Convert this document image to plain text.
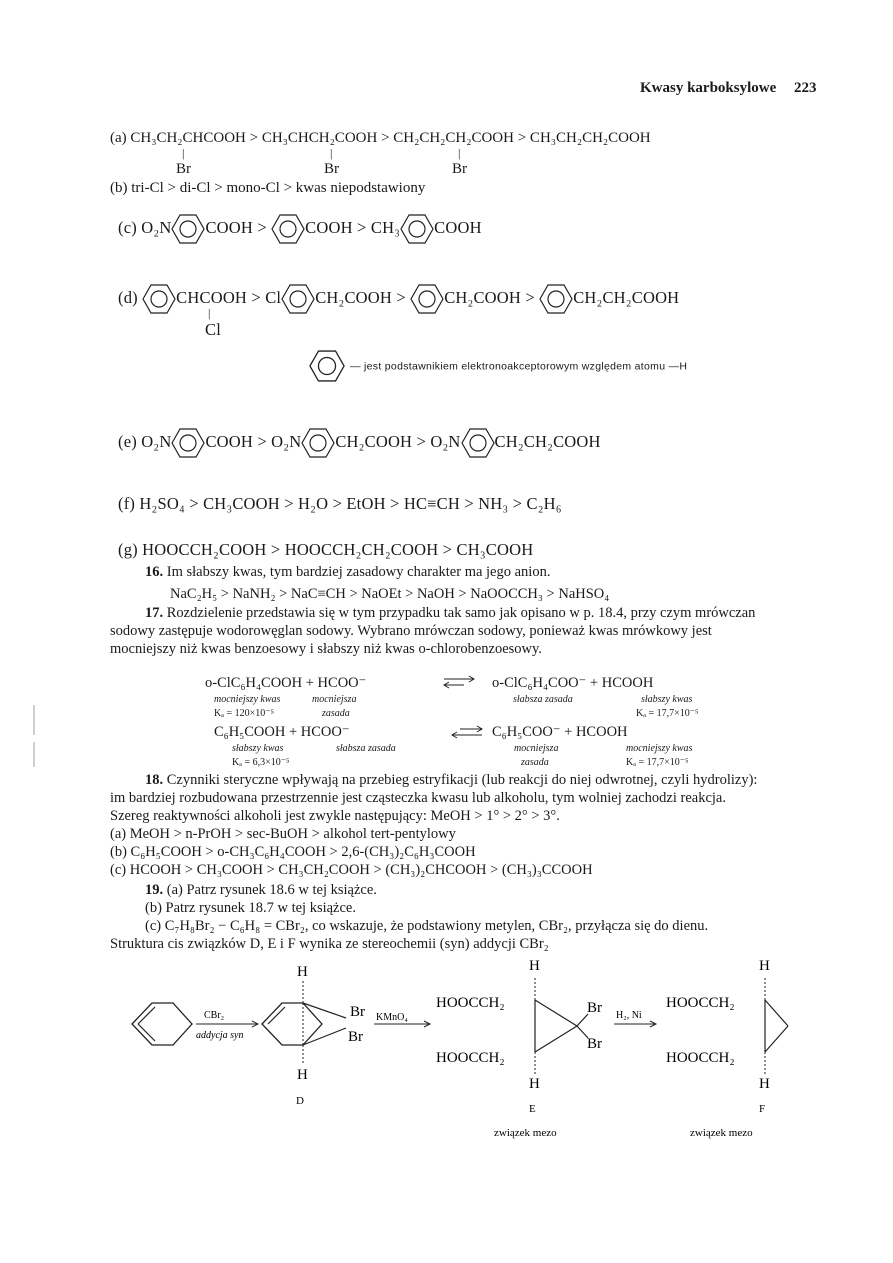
Kwasy karboksylowe 223
(a) CH₃CH₂CHCOOH > CH₃CHCH₂COOH > CH₂CH₂CH₂COOH > CH₃CH₂CH₂COOH
|	|	|
Br	Br	Br
(b) tri-Cl > di-Cl > mono-Cl > kwas niepodstawiony
(c) O₂N COOH > COOH > CH₃ COOH
(d) CHCOOH > Cl CH₂COOH > CH₂COOH > CH₂CH₂COOH
|
Cl
— jest podstawnikiem elektronoakceptorowym względem atomu —H
(e) O₂N COOH > O₂N CH₂COOH > O₂N CH₂CH₂COOH
(f) H₂SO₄ > CH₃COOH > H₂O > EtOH > HC≡CH > NH₃ > C₂H₆
(g) HOOCCH₂COOH > HOOCCH₂CH₂COOH > CH₃COOH
16. Im słabszy kwas, tym bardziej zasadowy charakter ma jego anion.
NaC₂H₅ > NaNH₂ > NaC≡CH > NaOEt > NaOH > NaOOCCH₃ > NaHSO₄
17. Rozdzielenie przedstawia się w tym przypadku tak samo jak opisano w p. 18.4, przy czym mrówczan
sodowy zastępuje wodorowęglan sodowy. Wybrano mrówczan sodowy, ponieważ kwas mrówkowy jest
mocniejszy niż kwas benzoesowy i słabszy niż kwas o-chlorobenzoesowy.
o-ClC₆H₄COOH + HCOO⁻	⇌ o-ClC₆H₄COO⁻ + HCOOH
mocniejszy kwas	mocniejsza	słabsza zasada	słabszy kwas
Kₐ = 120×10⁻⁵	zasada	Kₐ = 17,7×10⁻⁵
C₆H₅COOH + HCOO⁻	⇌ C₆H₅COO⁻ + HCOOH
słabszy kwas	słabsza zasada	mocniejsza	mocniejszy kwas
Kₐ = 6,3×10⁻⁵	zasada	Kₐ = 17,7×10⁻⁵
18. Czynniki steryczne wpływają na przebieg estryfikacji (lub reakcji do niej odwrotnej, czyli hydrolizy):
im bardziej rozbudowana przestrzennie jest cząsteczka kwasu lub alkoholu, tym wolniej zachodzi reakcja.
Szereg reaktywności alkoholi jest zwykle następujący: MeOH > 1° > 2° > 3°.
(a) MeOH > n-PrOH > sec-BuOH > alkohol tert-pentylowy
(b) C₆H₅COOH > o-CH₃C₆H₄COOH > 2,6-(CH₃)₂C₆H₃COOH
(c) HCOOH > CH₃COOH > CH₃CH₂COOH > (CH₃)₂CHCOOH > (CH₃)₃CCOOH
19. (a) Patrz rysunek 18.6 w tej książce.
(b) Patrz rysunek 18.7 w tej książce.
(c) C₇H₈Br₂ − C₆H₈ = CBr₂, co wskazuje, że podstawiony metylen, CBr₂, przyłącza się do dienu.
Struktura cis związków D, E i F wynika ze stereochemii (syn) addycji CBr₂
CBr₂
addycja syn
H
H
Br
Br
D
KMnO₄
HOOCCH₂
HOOCCH₂
H
H
Br
Br
E
związek mezo
H₂, Ni
HOOCCH₂
HOOCCH₂
H
H
F
związek mezo
